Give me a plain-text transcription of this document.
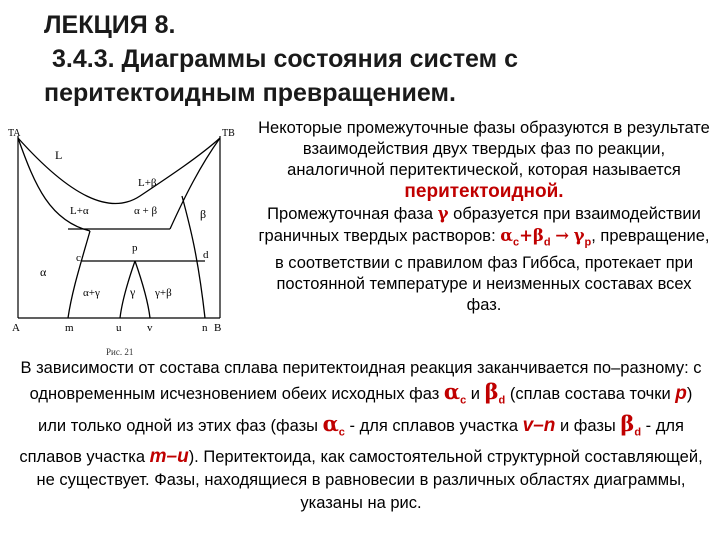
ЛЕКЦИЯ 8.
3.4.3. Диаграммы состояния систем с
перитектоидным превращением.
TA	TB
L
L+β
L+α	α + β	β
p
c	d
α
α+γ	γ γ+β
A	m	u v	n B
Рис. 21
Некоторые промежуточные фазы образуются в результате взаимодействия двух твердых фаз по реакции, аналогичной перитектической, которая называется перитектоидной.
Промежуточная фаза γ образуется при взаимодействии граничных твердых растворов: $\alpha_c+\beta_d \to \gamma_p$, превращение, в соответствии с правилом фаз Гиббса, протекает при постоянной температуре и неизменных составах всех фаз.
В зависимости от состава сплава перитектоидная реакция заканчивается по–разному: с одновременным исчезновением обеих исходных фаз $\alpha_c$ и $\beta_d$ (сплав состава точки p) или только одной из этих фаз (фазы $\alpha_c$ - для сплавов участка v–n и фазы $\beta_d$ - для сплавов участка m–u). Перитектоида, как самостоятельной структурной составляющей, не существует. Фазы, находящиеся в равновесии в различных областях диаграммы, указаны на рис.
